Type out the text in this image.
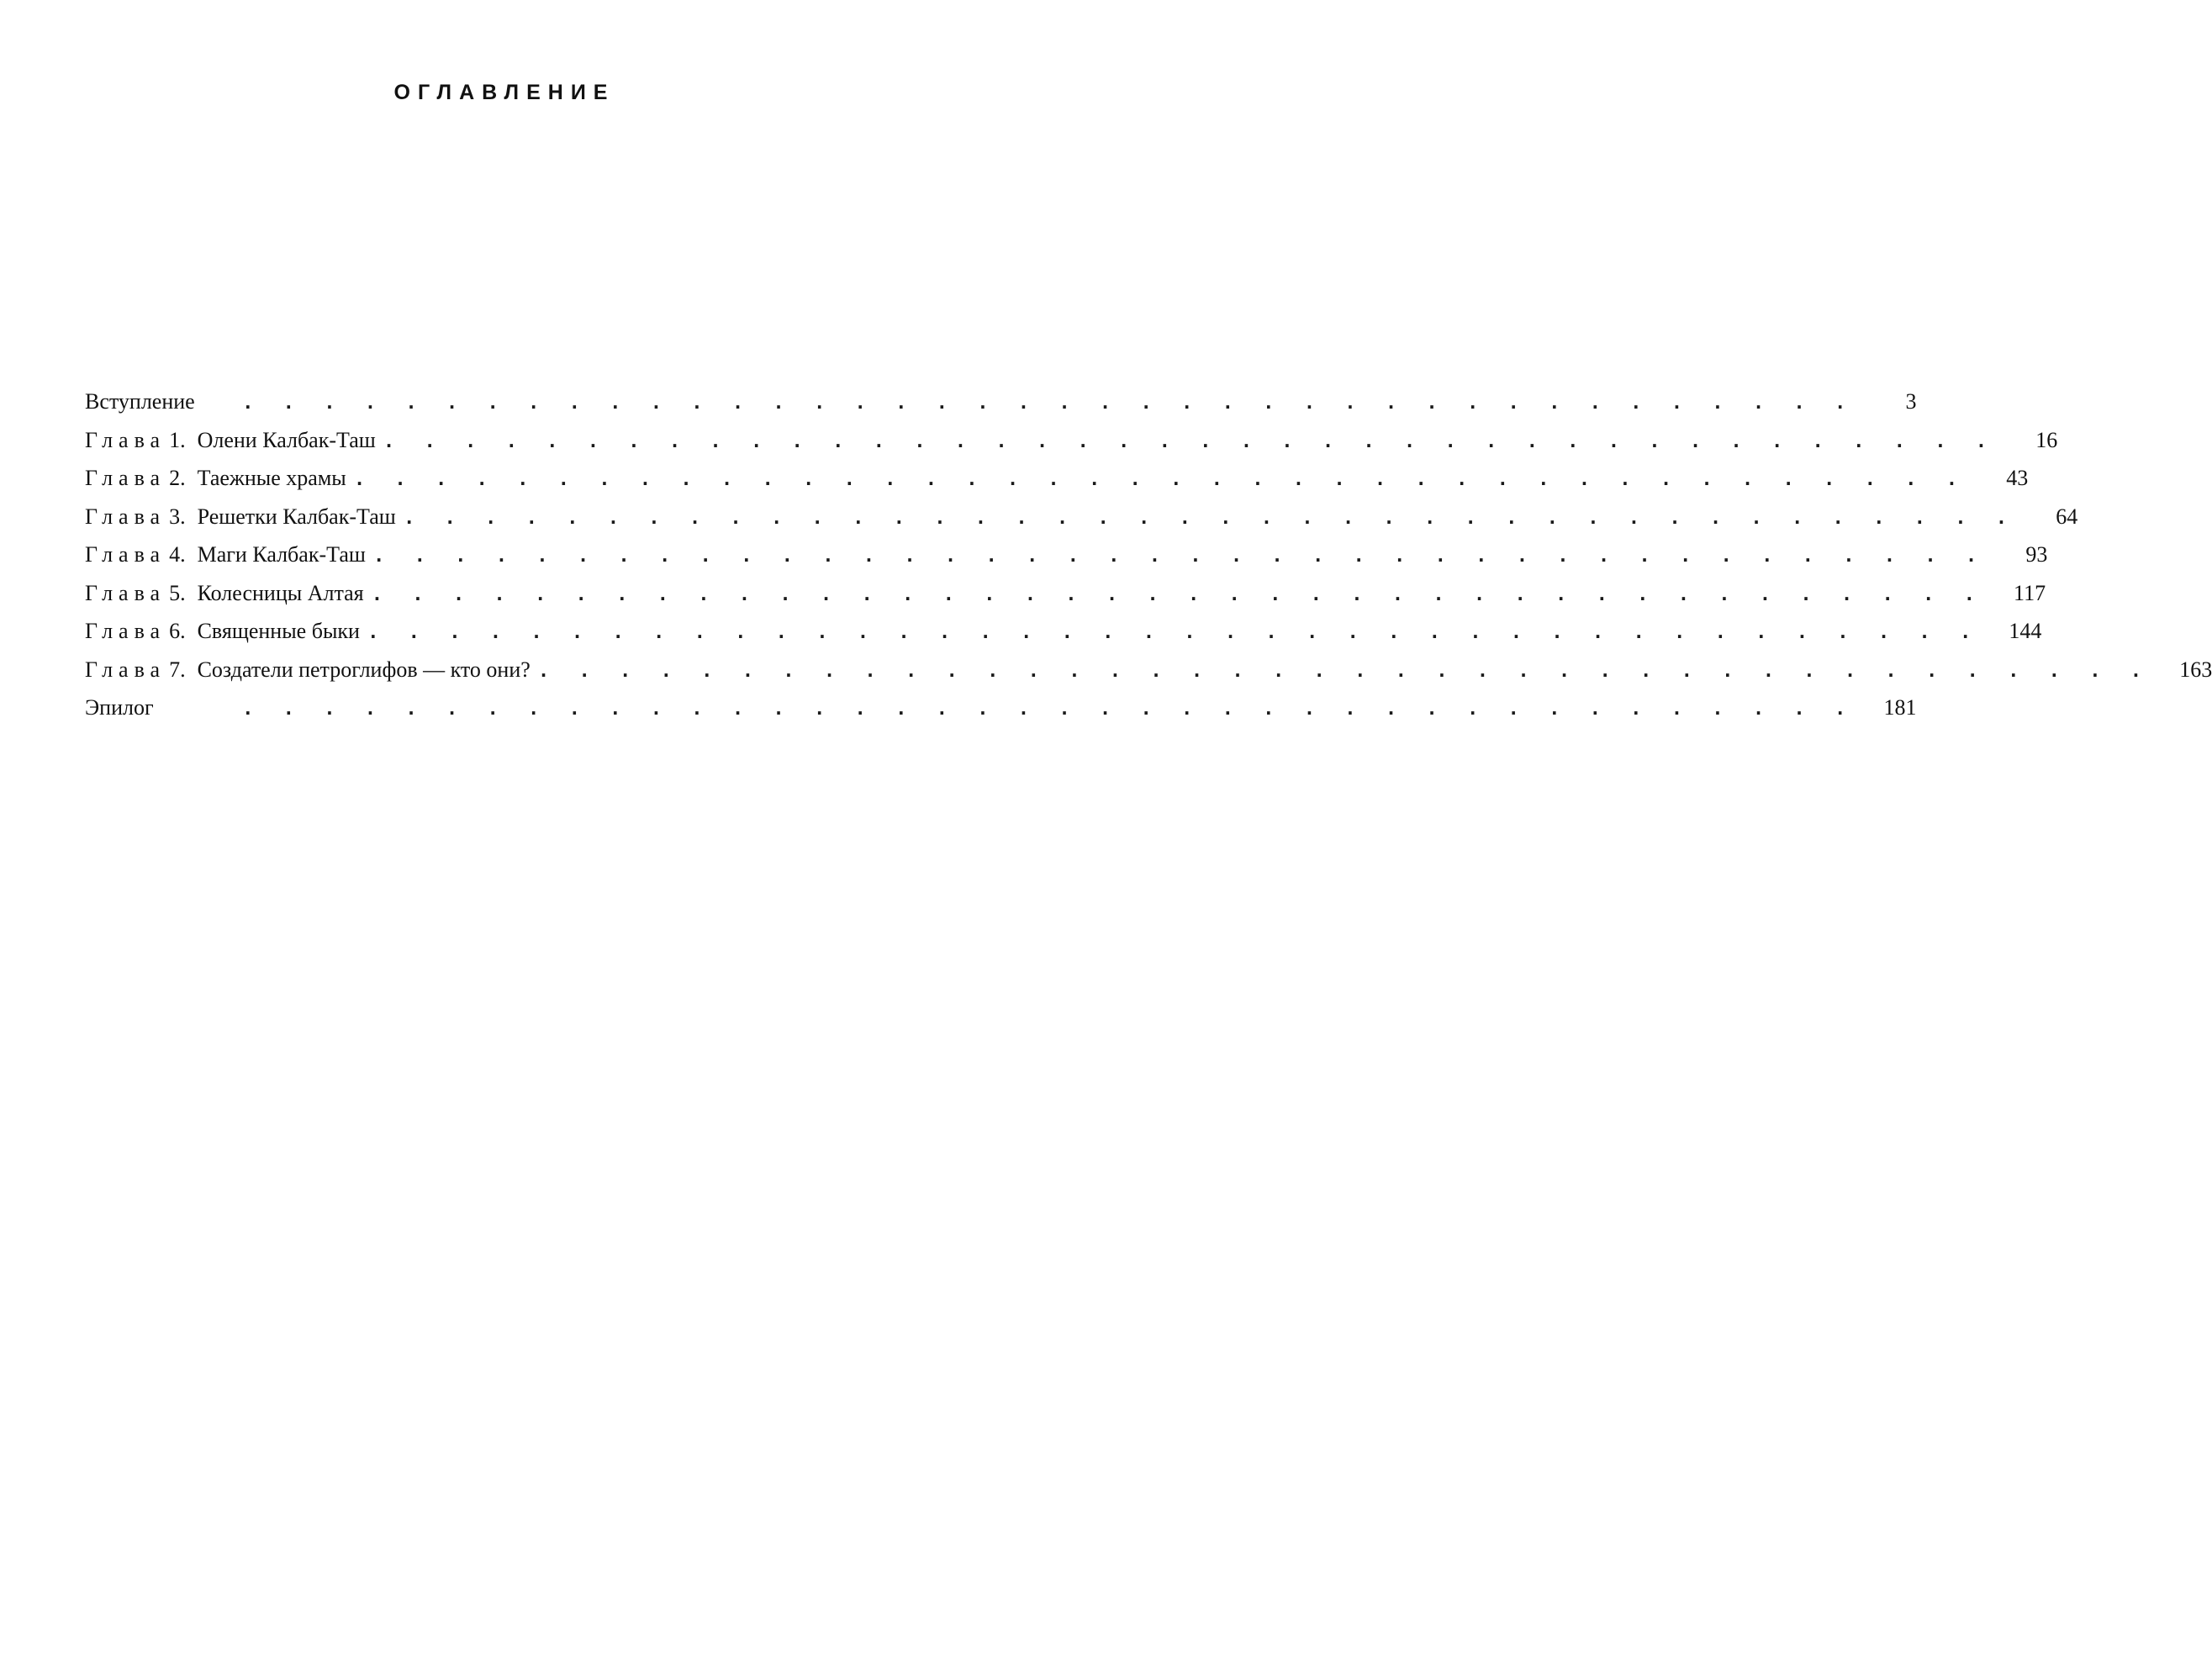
ОГЛАВЛЕНИЕ
Вступление	. . . . . . . . . . . . . . . . . . . . . . . . . . . . . . . . . . . . . . . .	3
Глава 1. Олени Калбак-Таш . . . . . . . . . . . . . . . . . . . . . . . . . . . . . . . . . . . . . . . .	16
Глава 2. Таежные храмы . . . . . . . . . . . . . . . . . . . . . . . . . . . . . . . . . . . . . . . .	43
Глава 3. Решетки Калбак-Таш . . . . . . . . . . . . . . . . . . . . . . . . . . . . . . . . . . . . . . . .	64
Глава 4. Маги Калбак-Таш . . . . . . . . . . . . . . . . . . . . . . . . . . . . . . . . . . . . . . . .	93
Глава 5. Колесницы Алтая . . . . . . . . . . . . . . . . . . . . . . . . . . . . . . . . . . . . . . . .	117
Глава 6. Священные быки . . . . . . . . . . . . . . . . . . . . . . . . . . . . . . . . . . . . . . . .	144
Глава 7. Создатели петроглифов — кто они? . . . . . . . . . . . . . . . . . . . . . . . . . . . . . . . . . . . . . . . .	163
Эпилог	. . . . . . . . . . . . . . . . . . . . . . . . . . . . . . . . . . . . . . . .	181
